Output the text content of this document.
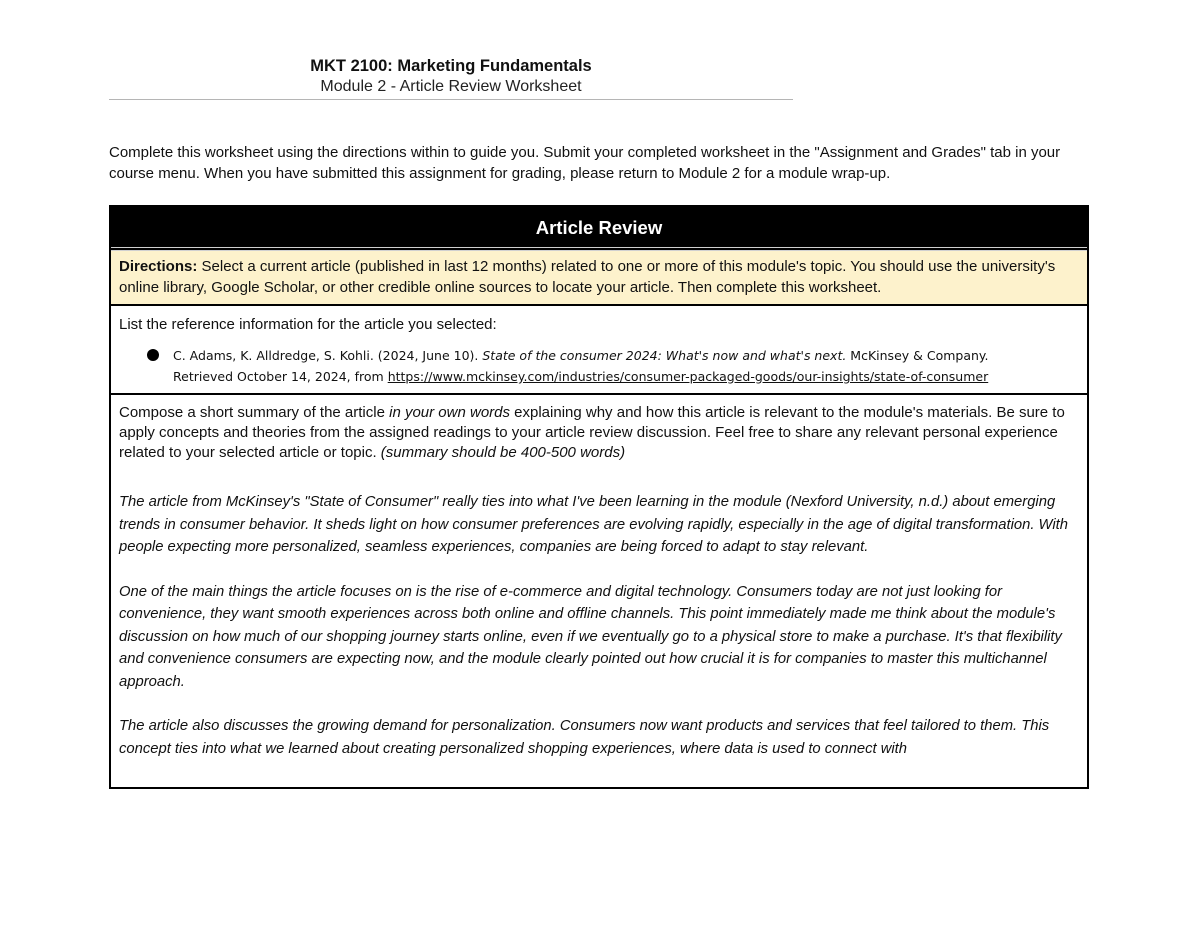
MKT 2100: Marketing Fundamentals
Module 2 - Article Review Worksheet
Complete this worksheet using the directions within to guide you. Submit your completed worksheet in the "Assignment and Grades" tab in your course menu. When you have submitted this assignment for grading, please return to Module 2 for a module wrap-up.
Article Review
Directions: Select a current article (published in last 12 months) related to one or more of this module's topic. You should use the university's online library, Google Scholar, or other credible online sources to locate your article. Then complete this worksheet.
List the reference information for the article you selected:
C. Adams, K. Alldredge, S. Kohli. (2024, June 10). State of the consumer 2024: What's now and what's next. McKinsey & Company.
Retrieved October 14, 2024, from https://www.mckinsey.com/industries/consumer-packaged-goods/our-insights/state-of-consumer
Compose a short summary of the article in your own words explaining why and how this article is relevant to the module's materials. Be sure to apply concepts and theories from the assigned readings to your article review discussion. Feel free to share any relevant personal experience related to your selected article or topic. (summary should be 400-500 words)

The article from McKinsey's "State of Consumer" really ties into what I've been learning in the module (Nexford University, n.d.) about emerging trends in consumer behavior. It sheds light on how consumer preferences are evolving rapidly, especially in the age of digital transformation. With people expecting more personalized, seamless experiences, companies are being forced to adapt to stay relevant.

One of the main things the article focuses on is the rise of e-commerce and digital technology. Consumers today are not just looking for convenience, they want smooth experiences across both online and offline channels. This point immediately made me think about the module's discussion on how much of our shopping journey starts online, even if we eventually go to a physical store to make a purchase. It's that flexibility and convenience consumers are expecting now, and the module clearly pointed out how crucial it is for companies to master this multichannel approach.

The article also discusses the growing demand for personalization. Consumers now want products and services that feel tailored to them. This concept ties into what we learned about creating personalized shopping experiences, where data is used to connect with
